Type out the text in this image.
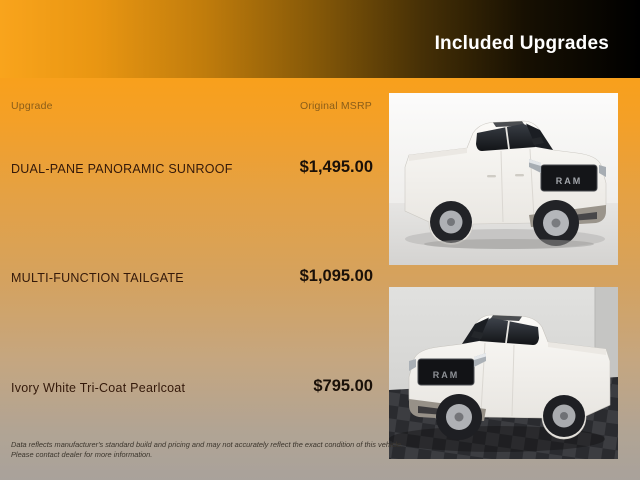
Included Upgrades
Upgrade	Original MSRP
DUAL-PANE PANORAMIC SUNROOF	$1,495.00
MULTI-FUNCTION TAILGATE	$1,095.00
Ivory White Tri-Coat Pearlcoat	$795.00
RAM
RAM
Data reflects manufacturer's standard build and pricing and may not accurately reflect the exact condition of this vehicle.
Please contact dealer for more information.
